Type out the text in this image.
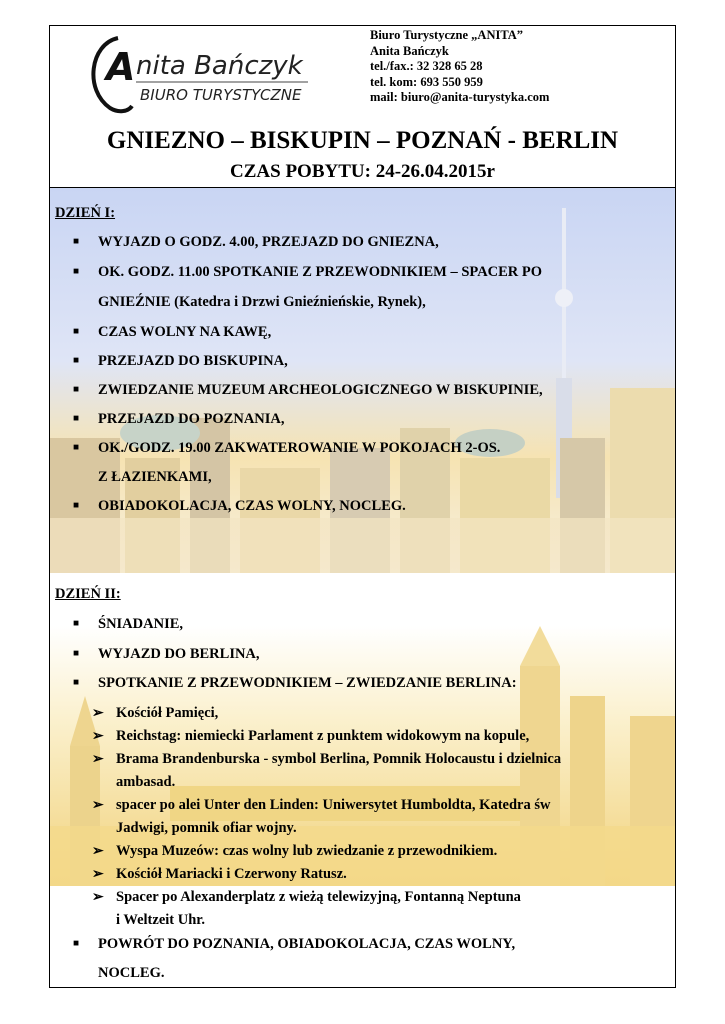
A nita Bańczyk
BIURO TURYSTYCZNE
Biuro Turystyczne „ANITA”
Anita Bańczyk
tel./fax.: 32 328 65 28
tel. kom: 693 550 959
mail: biuro@anita-turystyka.com
GNIEZNO – BISKUPIN – POZNAŃ - BERLIN
CZAS POBYTU: 24-26.04.2015r
DZIEŃ I:
■ WYJAZD O GODZ. 4.00, PRZEJAZD DO GNIEZNA,
■ OK. GODZ. 11.00 SPOTKANIE Z PRZEWODNIKIEM – SPACER PO
GNIEŹNIE (Katedra i Drzwi Gnieźnieńskie, Rynek),
■ CZAS WOLNY NA KAWĘ,
■ PRZEJAZD DO BISKUPINA,
■ ZWIEDZANIE MUZEUM ARCHEOLOGICZNEGO W BISKUPINIE,
■ PRZEJAZD DO POZNANIA,
■ OK./GODZ. 19.00 ZAKWATEROWANIE W POKOJACH 2-OS.
Z ŁAZIENKAMI,
■ OBIADOKOLACJA, CZAS WOLNY, NOCLEG.
DZIEŃ II:
■ ŚNIADANIE,
■ WYJAZD DO BERLINA,
■ SPOTKANIE Z PRZEWODNIKIEM – ZWIEDZANIE BERLINA:
➢ Kościół Pamięci,
➢ Reichstag: niemiecki Parlament z punktem widokowym na kopule,
➢ Brama Brandenburska - symbol Berlina, Pomnik Holocaustu i dzielnica
ambasad.
➢ spacer po alei Unter den Linden: Uniwersytet Humboldta, Katedra św
Jadwigi, pomnik ofiar wojny.
➢ Wyspa Muzeów: czas wolny lub zwiedzanie z przewodnikiem.
➢ Kościół Mariacki i Czerwony Ratusz.
➢ Spacer po Alexanderplatz z wieżą telewizyjną, Fontanną Neptuna
i Weltzeit Uhr.
■ POWRÓT DO POZNANIA, OBIADOKOLACJA, CZAS WOLNY,
NOCLEG.
